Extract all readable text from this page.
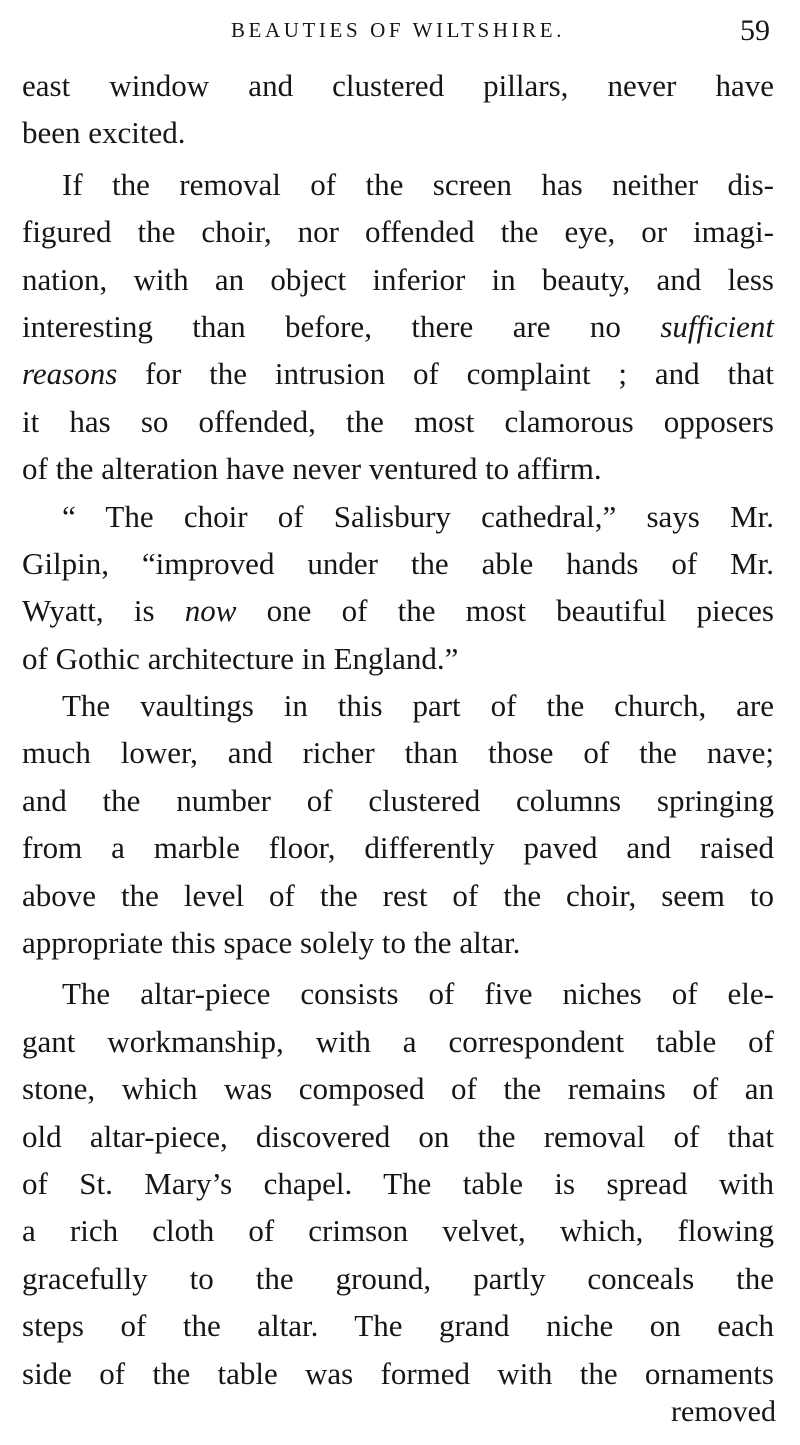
BEAUTIES OF WILTSHIRE.	59
east window and clustered pillars, never have
been excited.
If the removal of the screen has neither dis-
figured the choir, nor offended the eye, or imagi-
nation, with an object inferior in beauty, and less
interesting than before, there are no sufficient
reasons for the intrusion of complaint ; and that
it has so offended, the most clamorous opposers
of the alteration have never ventured to affirm.
“ The choir of Salisbury cathedral,” says Mr.
Gilpin, “improved under the able hands of Mr.
Wyatt, is now one of the most beautiful pieces
of Gothic architecture in England.”
The vaultings in this part of the church, are
much lower, and richer than those of the nave;
and the number of clustered columns springing
from a marble floor, differently paved and raised
above the level of the rest of the choir, seem to
appropriate this space solely to the altar.
The altar-piece consists of five niches of ele-
gant workmanship, with a correspondent table of
stone, which was composed of the remains of an
old altar-piece, discovered on the removal of that
of St. Mary’s chapel. The table is spread with
a rich cloth of crimson velvet, which, flowing
gracefully to the ground, partly conceals the
steps of the altar. The grand niche on each
side of the table was formed with the ornaments
removed
